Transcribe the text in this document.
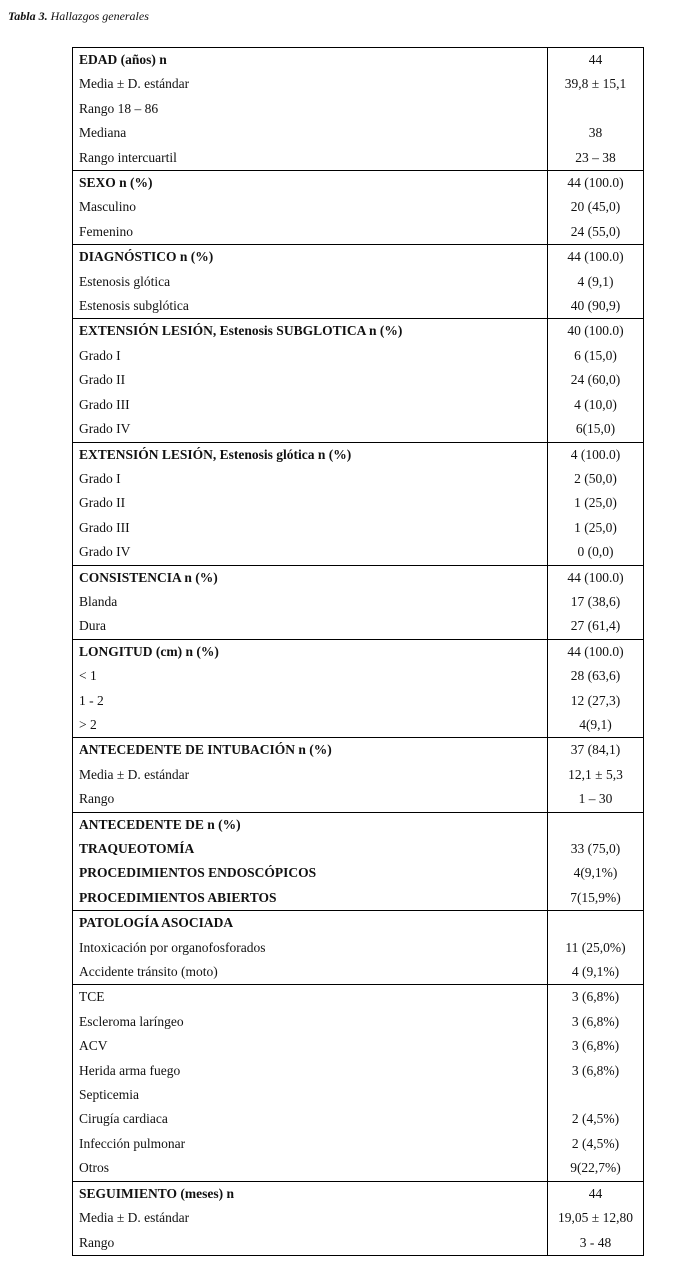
Tabla 3. Hallazgos generales
EDAD (años) n	44
Media ± D. estándar	39,8 ± 15,1
Rango 18 – 86	
Mediana	38
Rango intercuartil	23 – 38
SEXO n (%)	44 (100.0)
Masculino	20 (45,0)
Femenino	24 (55,0)
DIAGNÓSTICO n (%)	44 (100.0)
Estenosis glótica	4 (9,1)
Estenosis subglótica	40 (90,9)
EXTENSIÓN LESIÓN, Estenosis SUBGLOTICA n (%)	40 (100.0)
Grado I	6 (15,0)
Grado II	24 (60,0)
Grado III	4 (10,0)
Grado IV	6(15,0)
EXTENSIÓN LESIÓN, Estenosis glótica n (%)	4 (100.0)
Grado I	2 (50,0)
Grado II	1 (25,0)
Grado III	1 (25,0)
Grado IV	0 (0,0)
CONSISTENCIA n (%)	44 (100.0)
Blanda	17 (38,6)
Dura	27 (61,4)
LONGITUD (cm) n (%)	44 (100.0)
< 1	28 (63,6)
1 - 2	12 (27,3)
> 2	4(9,1)
ANTECEDENTE DE INTUBACIÓN n (%)	37 (84,1)
Media ± D. estándar	12,1 ± 5,3
Rango	1 – 30
ANTECEDENTE DE n (%)	
TRAQUEOTOMÍA	33 (75,0)
PROCEDIMIENTOS ENDOSCÓPICOS	4(9,1%)
PROCEDIMIENTOS ABIERTOS	7(15,9%)
PATOLOGÍA ASOCIADA	
Intoxicación por organofosforados	11 (25,0%)
Accidente tránsito (moto)	4 (9,1%)
TCE	3 (6,8%)
Escleroma laríngeo	3 (6,8%)
ACV	3 (6,8%)
Herida arma fuego	3 (6,8%)
Septicemia	
Cirugía cardiaca	2 (4,5%)
Infección pulmonar	2 (4,5%)
Otros	9(22,7%)
SEGUIMIENTO (meses) n	44
Media ± D. estándar	19,05 ± 12,80
Rango	3 - 48
